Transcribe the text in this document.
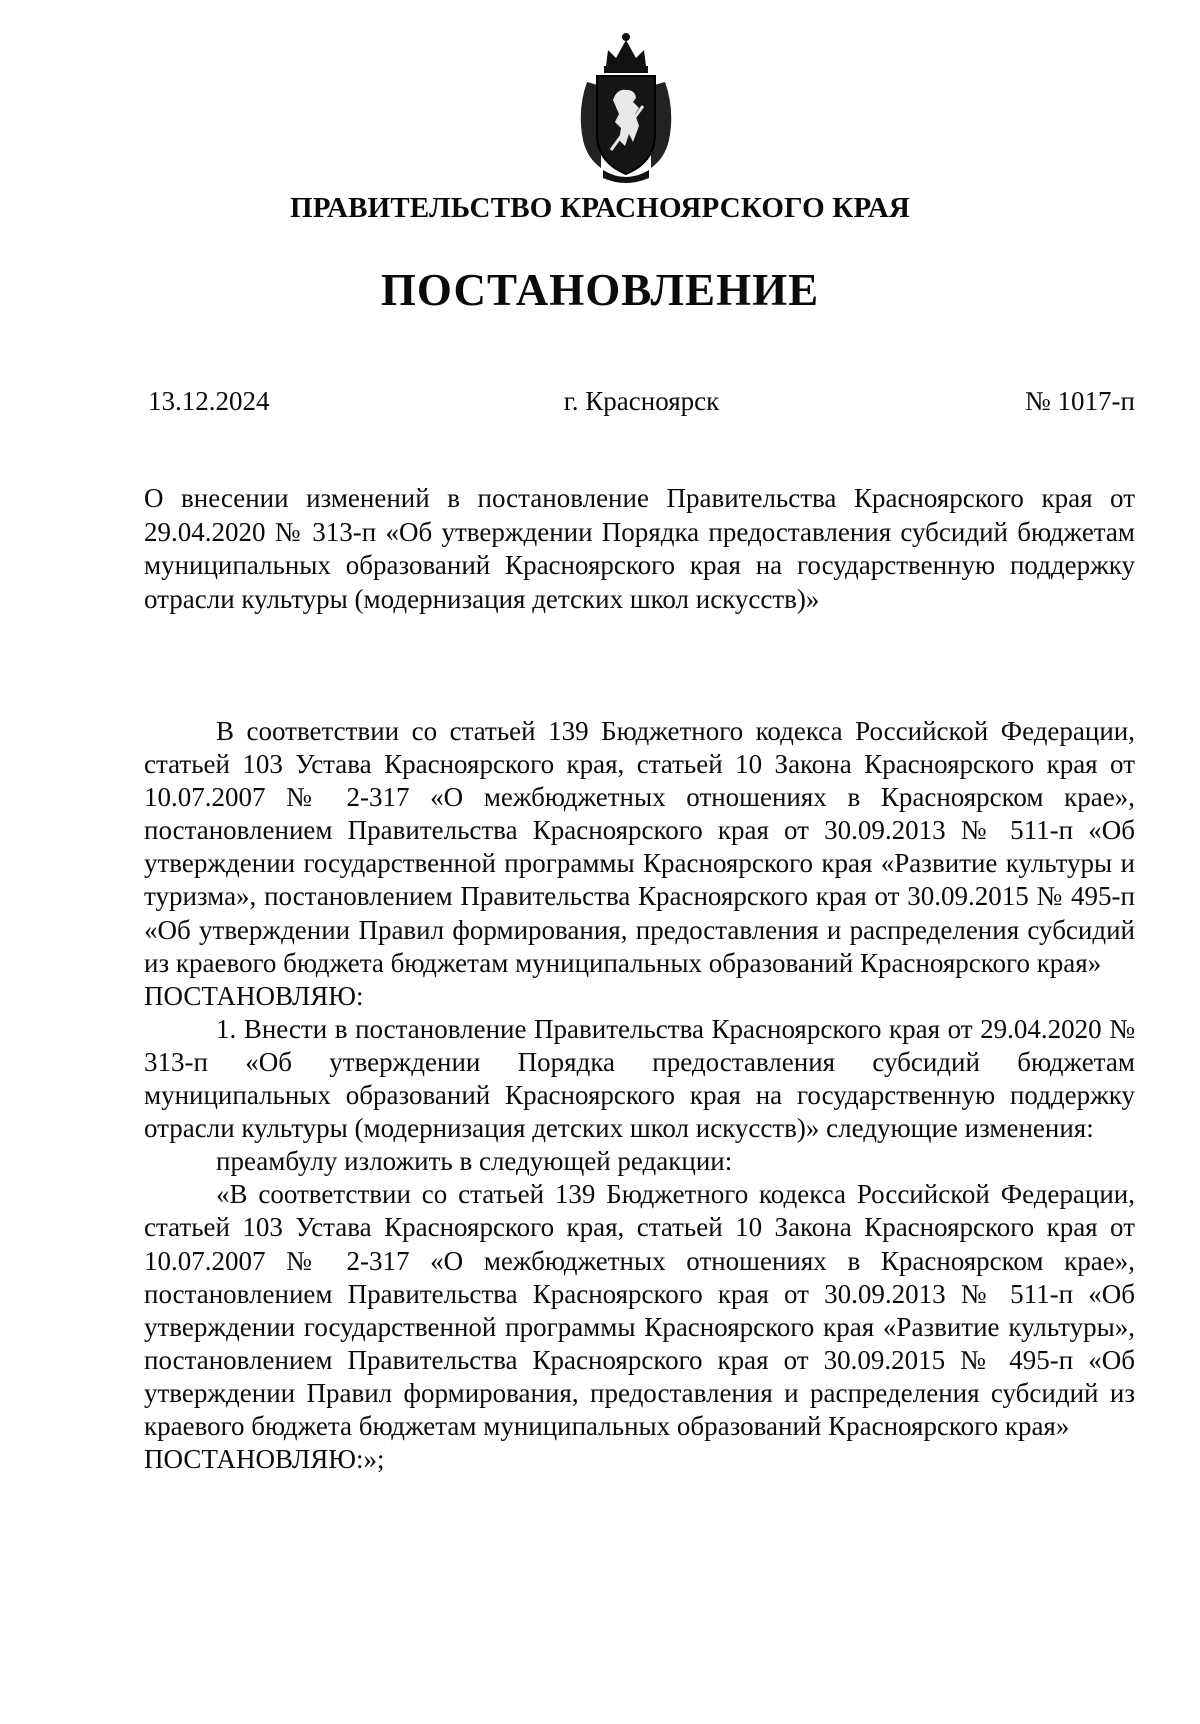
ПРАВИТЕЛЬСТВО КРАСНОЯРСКОГО КРАЯ

ПОСТАНОВЛЕНИЕ

13.12.2024	г. Красноярск	№ 1017-п

О внесении изменений в постановление Правительства Красноярского края от 29.04.2020 № 313-п «Об утверждении Порядка предоставления субсидий бюджетам муниципальных образований Красноярского края на государственную поддержку отрасли культуры (модернизация детских школ искусств)»

В соответствии со статьей 139 Бюджетного кодекса Российской Федерации, статьей 103 Устава Красноярского края, статьей 10 Закона Красноярского края от 10.07.2007 № 2-317 «О межбюджетных отношениях в Красноярском крае», постановлением Правительства Красноярского края от 30.09.2013 № 511-п «Об утверждении государственной программы Красноярского края «Развитие культуры и туризма», постановлением Правительства Красноярского края от 30.09.2015 № 495-п «Об утверждении Правил формирования, предоставления и распределения субсидий из краевого бюджета бюджетам муниципальных образований Красноярского края»

ПОСТАНОВЛЯЮ:

1. Внести в постановление Правительства Красноярского края от 29.04.2020 № 313-п «Об утверждении Порядка предоставления субсидий бюджетам муниципальных образований Красноярского края на государственную поддержку отрасли культуры (модернизация детских школ искусств)» следующие изменения:

преамбулу изложить в следующей редакции:

«В соответствии со статьей 139 Бюджетного кодекса Российской Федерации, статьей 103 Устава Красноярского края, статьей 10 Закона Красноярского края от 10.07.2007 № 2-317 «О межбюджетных отношениях в Красноярском крае», постановлением Правительства Красноярского края от 30.09.2013 № 511-п «Об утверждении государственной программы Красноярского края «Развитие культуры», постановлением Правительства Красноярского края от 30.09.2015 № 495-п «Об утверждении Правил формирования, предоставления и распределения субсидий из краевого бюджета бюджетам муниципальных образований Красноярского края»

ПОСТАНОВЛЯЮ:»;
